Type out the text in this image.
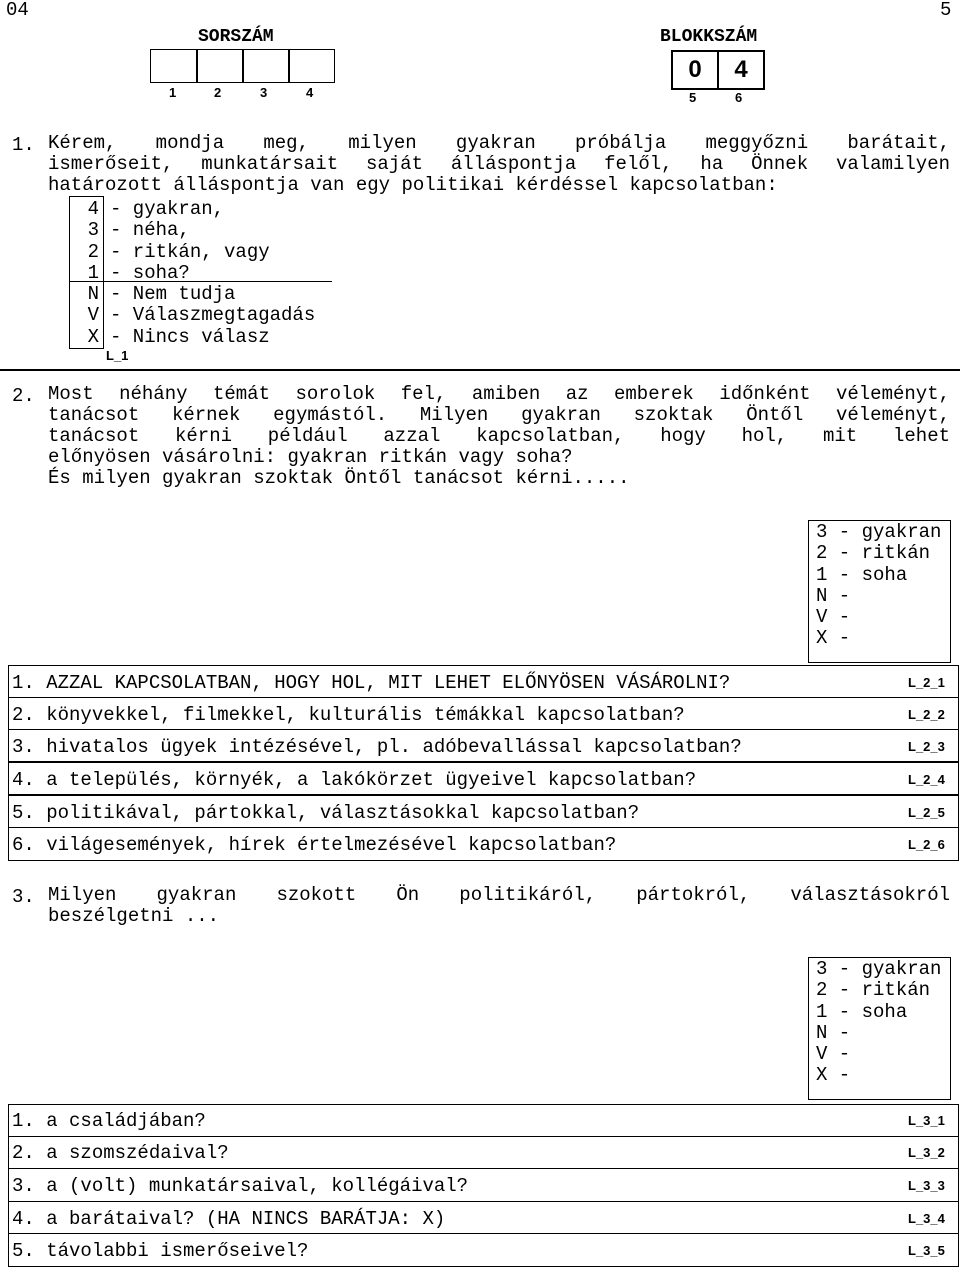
04	5
SORSZÁM
1	2	3	4
BLOKKSZÁM
0	4
5	6
1. Kérem, mondja meg, milyen gyakran próbálja meggyőzni barátait,
ismerőseit, munkatársait saját álláspontja felől, ha Önnek valamilyen
határozott álláspontja van egy politikai kérdéssel kapcsolatban:
4 - gyakran,
3 - néha,
2 - ritkán, vagy
1 - soha?
N - Nem tudja
V - Válaszmegtagadás
X - Nincs válasz
L_1
2. Most néhány témát sorolok fel, amiben az emberek időnként véleményt,
tanácsot kérnek egymástól. Milyen gyakran szoktak Öntől véleményt,
tanácsot kérni például azzal kapcsolatban, hogy hol, mit lehet
előnyösen vásárolni: gyakran ritkán vagy soha?
És milyen gyakran szoktak Öntől tanácsot kérni.....
3 - gyakran
2 - ritkán
1 - soha
N -
V -
X -
1. AZZAL KAPCSOLATBAN, HOGY HOL, MIT LEHET ELŐNYÖSEN VÁSÁROLNI?	L_2_1
2. könyvekkel, filmekkel, kulturális témákkal kapcsolatban?	L_2_2
3. hivatalos ügyek intézésével, pl. adóbevallással kapcsolatban?	L_2_3
4. a település, környék, a lakókörzet ügyeivel kapcsolatban?	L_2_4
5. politikával, pártokkal, választásokkal kapcsolatban?	L_2_5
6. világesemények, hírek értelmezésével kapcsolatban?	L_2_6
3. Milyen gyakran szokott Ön politikáról, pártokról, választásokról
beszélgetni ...
3 - gyakran
2 - ritkán
1 - soha
N -
V -
X -
1. a családjában?	L_3_1
2. a szomszédaival?	L_3_2
3. a (volt) munkatársaival, kollégáival?	L_3_3
4. a barátaival? (HA NINCS BARÁTJA: X)	L_3_4
5. távolabbi ismerőseivel?	L_3_5
